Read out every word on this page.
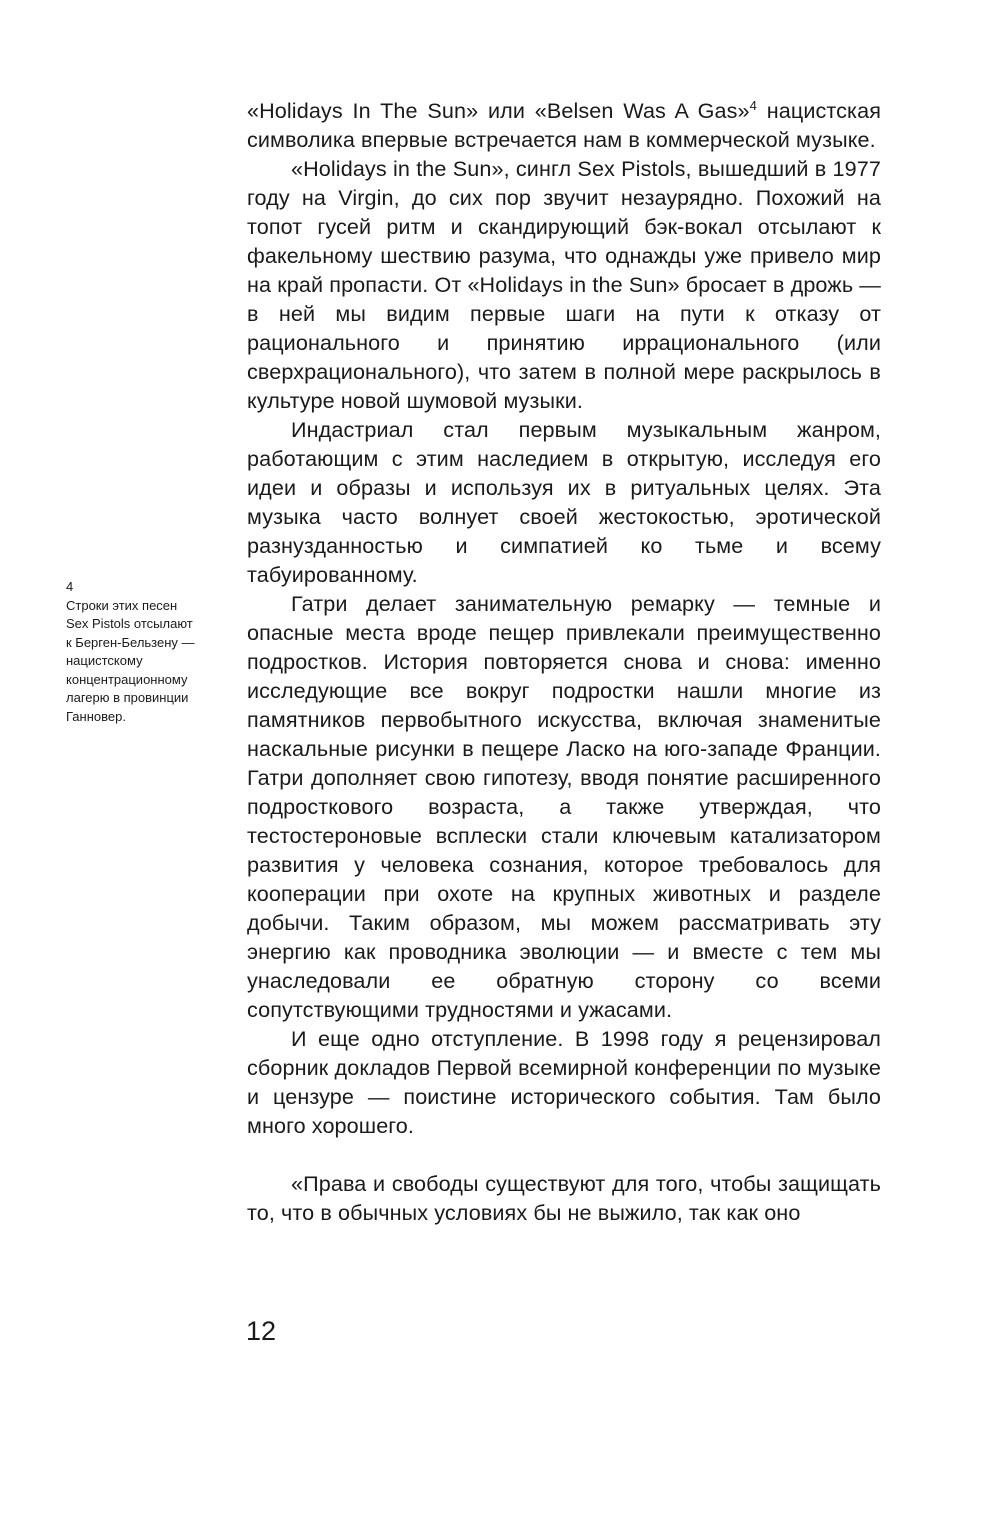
«Holidays In The Sun» или «Belsen Was A Gas»$^4$ нацистская символика впервые встречается нам в коммерческой музыке.

«Holidays in the Sun», сингл Sex Pistols, вышедший в 1977 году на Virgin, до сих пор звучит незаурядно. Похожий на топот гусей ритм и скандирующий бэк-вокал отсылают к факельному шествию разума, что однажды уже привело мир на край пропасти. От «Holidays in the Sun» бросает в дрожь — в ней мы видим первые шаги на пути к отказу от рационального и принятию иррационального (или сверхрационального), что затем в полной мере раскрылось в культуре новой шумовой музыки.

Индастриал стал первым музыкальным жанром, работающим с этим наследием в открытую, исследуя его идеи и образы и используя их в ритуальных целях. Эта музыка часто волнует своей жестокостью, эротической разнузданностью и симпатией ко тьме и всему табуированному.

Гатри делает занимательную ремарку — темные и опасные места вроде пещер привлекали преимущественно подростков. История повторяется снова и снова: именно исследующие все вокруг подростки нашли многие из памятников первобытного искусства, включая знаменитые наскальные рисунки в пещере Ласко на юго-западе Франции. Гатри дополняет свою гипотезу, вводя понятие расширенного подросткового возраста, а также утверждая, что тестостероновые всплески стали ключевым катализатором развития у человека сознания, которое требовалось для кооперации при охоте на крупных животных и разделе добычи. Таким образом, мы можем рассматривать эту энергию как проводника эволюции — и вместе с тем мы унаследовали ее обратную сторону со всеми сопутствующими трудностями и ужасами.

И еще одно отступление. В 1998 году я рецензировал сборник докладов Первой всемирной конференции по музыке и цензуре — поистине исторического события. Там было много хорошего.

«Права и свободы существуют для того, чтобы защищать то, что в обычных условиях бы не выжило, так как оно

4
Строки этих песен Sex Pistols отсылают к Берген-Бельзену — нацистскому концентрационному лагерю в провинции Ганновер.
12
